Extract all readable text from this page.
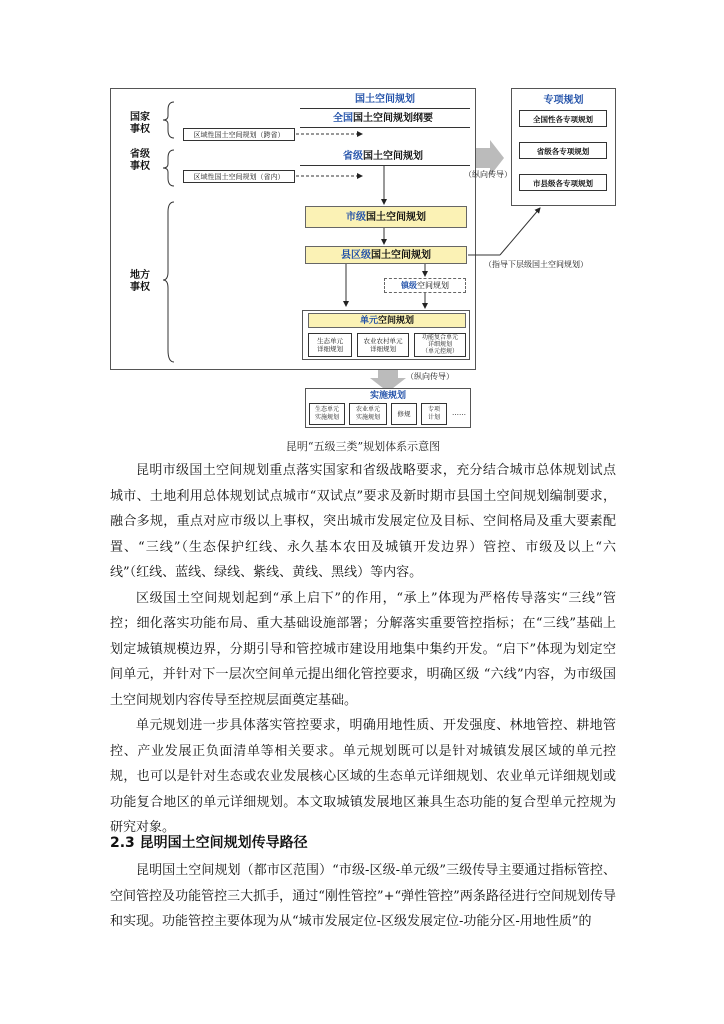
国家
事权
省级
事权
地方
事权
国土空间规划
全国国土空间规划纲要
区域性国土空间规划（跨省）
省级国土空间规划
区域性国土空间规划（省内）
市级国土空间规划
县区级国土空间规划
镇级空间规划
单元空间规划
生态单元
详细规划
农业农村单元
详细规划
功能复合单元
详细规划
（单元控规）
专项规划
全国性各专项规划
省级各专项规划
市县级各专项规划
（纵向传导）
（指导下层级国土空间规划）
（纵向传导）
实施规划
生态单元
实施规划
农业单元
实施规划	修规
专项
计划
……
昆明“五级三类”规划体系示意图

昆明市级国土空间规划重点落实国家和省级战略要求，充分结合城市总体规划试点城市、土地利用总体规划试点城市“双试点”要求及新时期市县国土空间规划编制要求，融合多规，重点对应市级以上事权，突出城市发展定位及目标、空间格局及重大要素配置、“三线”（生态保护红线、永久基本农田及城镇开发边界）管控、市级及以上“六线”（红线、蓝线、绿线、紫线、黄线、黑线）等内容。

区级国土空间规划起到“承上启下”的作用，“承上”体现为严格传导落实“三线”管控；细化落实功能布局、重大基础设施部署；分解落实重要管控指标；在“三线”基础上划定城镇规模边界，分期引导和管控城市建设用地集中集约开发。“启下”体现为划定空间单元，并针对下一层次空间单元提出细化管控要求，明确区级 “六线”内容，为市级国土空间规划内容传导至控规层面奠定基础。

单元规划进一步具体落实管控要求，明确用地性质、开发强度、林地管控、耕地管控、产业发展正负面清单等相关要求。单元规划既可以是针对城镇发展区域的单元控规，也可以是针对生态或农业发展核心区域的生态单元详细规划、农业单元详细规划或功能复合地区的单元详细规划。本文取城镇发展地区兼具生态功能的复合型单元控规为研究对象。

2.3 昆明国土空间规划传导路径

昆明国土空间规划（都市区范围）“市级-区级-单元级”三级传导主要通过指标管控、空间管控及功能管控三大抓手，通过“刚性管控”+“弹性管控”两条路径进行空间规划传导和实现。功能管控主要体现为从“城市发展定位-区级发展定位-功能分区-用地性质”的
